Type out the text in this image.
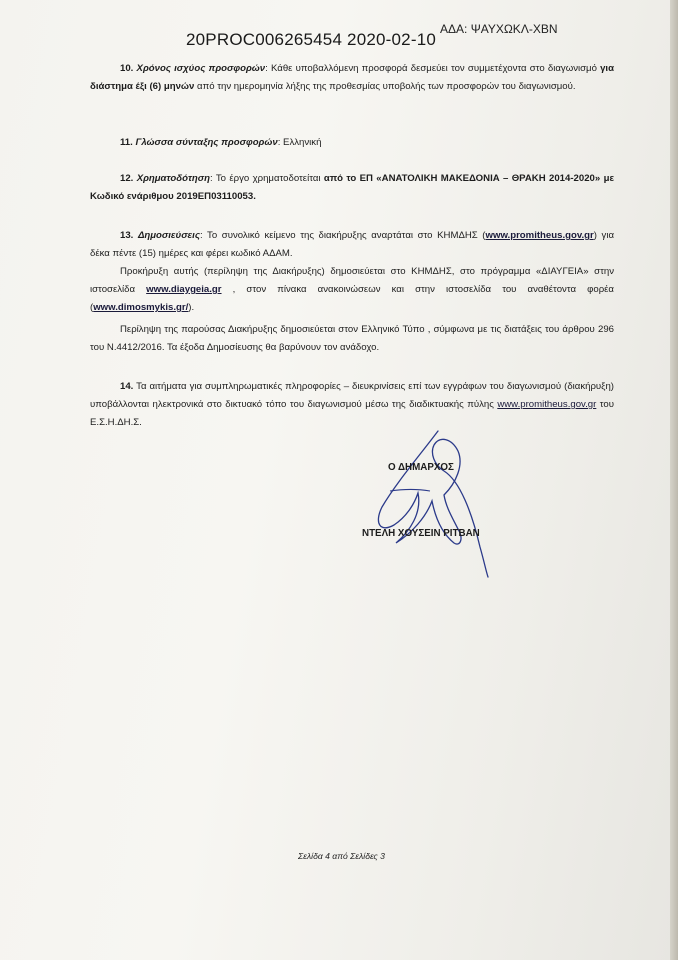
20PROC006265454 2020-02-10
ΑΔΑ: ΨΑΥΧΩΚΛ-ΧΒΝ
10. Χρόνος ισχύος προσφορών: Κάθε υποβαλλόμενη προσφορά δεσμεύει τον συμμετέχοντα στο διαγωνισμό για διάστημα έξι (6) μηνών από την ημερομηνία λήξης της προθεσμίας υποβολής των προσφορών του διαγωνισμού.
11. Γλώσσα σύνταξης προσφορών: Ελληνική
12. Χρηματοδότηση: Το έργο χρηματοδοτείται από το ΕΠ «ΑΝΑΤΟΛΙΚΗ ΜΑΚΕΔΟΝΙΑ – ΘΡΑΚΗ 2014-2020» με Κωδικό ενάριθμου 2019ΕΠ03110053.
13. Δημοσιεύσεις: Το συνολικό κείμενο της διακήρυξης αναρτάται στο ΚΗΜΔΗΣ (www.promitheus.gov.gr) για δέκα πέντε (15) ημέρες και φέρει κωδικό ΑΔΑΜ.
Προκήρυξη αυτής (περίληψη της Διακήρυξης) δημοσιεύεται στο ΚΗΜΔΗΣ, στο πρόγραμμα «ΔΙΑΥΓΕΙΑ» στην ιστοσελίδα www.diaygeia.gr , στον πίνακα ανακοινώσεων και στην ιστοσελίδα του αναθέτοντα φορέα (www.dimosmykis.gr/).
Περίληψη της παρούσας Διακήρυξης δημοσιεύεται στον Ελληνικό Τύπο , σύμφωνα με τις διατάξεις του άρθρου 296 του Ν.4412/2016. Τα έξοδα Δημοσίευσης θα βαρύνουν τον ανάδοχο.
14. Τα αιτήματα για συμπληρωματικές πληροφορίες – διευκρινίσεις επί των εγγράφων του διαγωνισμού (διακήρυξη) υποβάλλονται ηλεκτρονικά στο δικτυακό τόπο του διαγωνισμού μέσω της διαδικτυακής πύλης www.promitheus.gov.gr του Ε.Σ.Η.ΔΗ.Σ.
Ο ΔΗΜΑΡΧΟΣ
ΝΤΕΛΗ ΧΟΥΣΕΙΝ ΡΙΤΒΑΝ
Σελίδα 4 από Σελίδες 3
